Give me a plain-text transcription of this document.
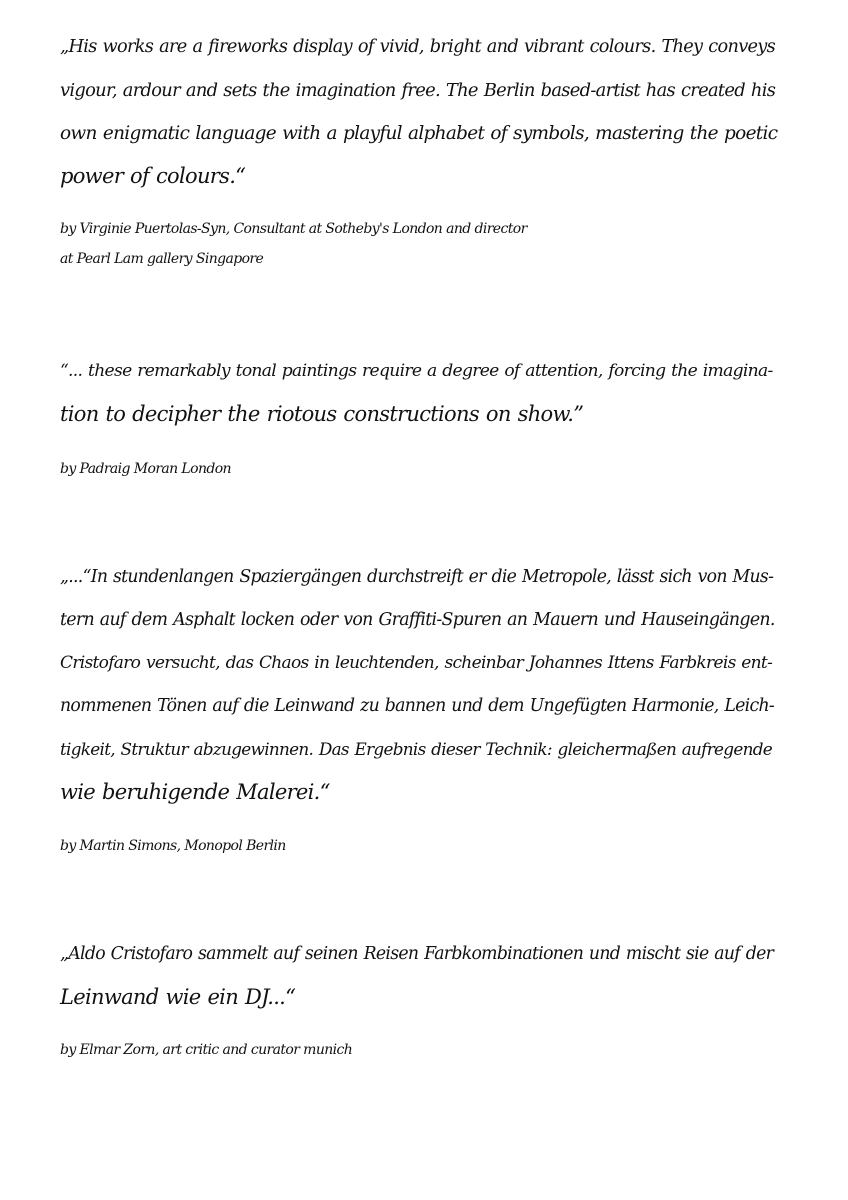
„His works are a fireworks display of vivid, bright and vibrant colours. They conveys
vigour, ardour and sets the imagination free. The Berlin based-artist has created his
own enigmatic language with a playful alphabet of symbols, mastering the poetic
power of colours.“

by Virginie Puertolas-Syn, Consultant at Sotheby's London and director
at Pearl Lam gallery Singapore

“... these remarkably tonal paintings require a degree of attention, forcing the imagina-
tion to decipher the riotous constructions on show.”

by Padraig Moran London

„...“In stundenlangen Spaziergängen durchstreift er die Metropole, lässt sich von Mus-
tern auf dem Asphalt locken oder von Graffiti-Spuren an Mauern und Hauseingängen.
Cristofaro versucht, das Chaos in leuchtenden, scheinbar Johannes Ittens Farbkreis ent-
nommenen Tönen auf die Leinwand zu bannen und dem Ungefügten Harmonie, Leich-
tigkeit, Struktur abzugewinnen. Das Ergebnis dieser Technik: gleichermaßen aufregende
wie beruhigende Malerei.“

by Martin Simons, Monopol Berlin

„Aldo Cristofaro sammelt auf seinen Reisen Farbkombinationen und mischt sie auf der
Leinwand wie ein DJ...“

by Elmar Zorn, art critic and curator munich
